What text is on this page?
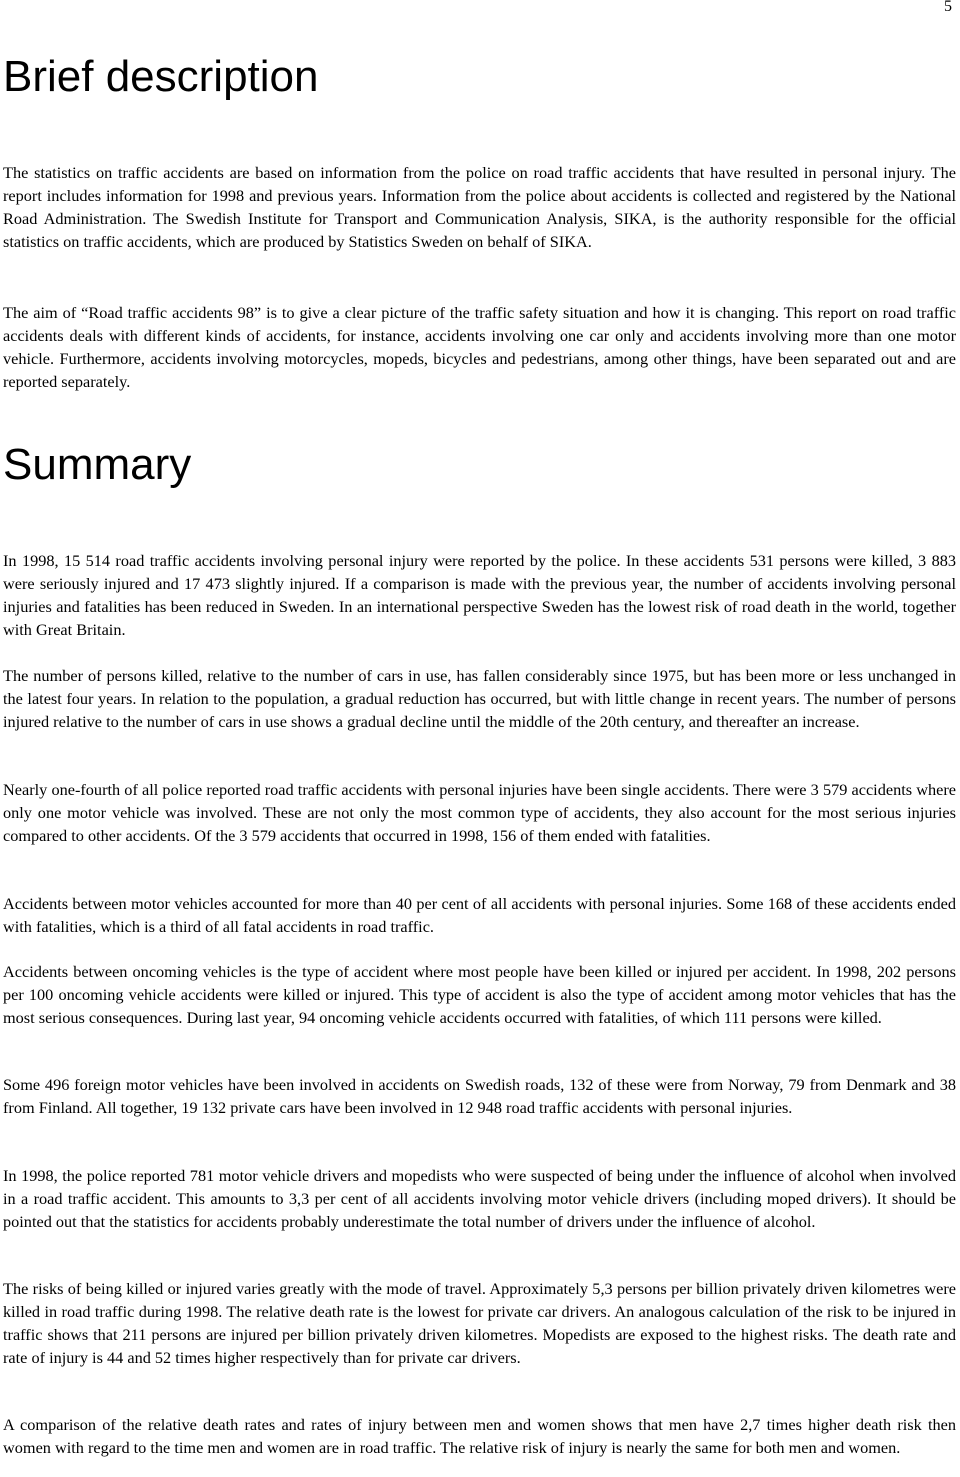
5
Brief description

The statistics on traffic accidents are based on information from the police on road traffic accidents that have resulted in personal injury. The report includes information for 1998 and previous years. Information from the police about accidents is collected and registered by the National Road Administration. The Swedish Institute for Transport and Communication Analysis, SIKA, is the authority responsible for the official statistics on traffic accidents, which are produced by Statistics Sweden on behalf of SIKA.

The aim of “Road traffic accidents 98” is to give a clear picture of the traffic safety situation and how it is changing. This report on road traffic accidents deals with different kinds of accidents, for instance, accidents involving one car only and accidents involving more than one motor vehicle. Furthermore, accidents involving motorcycles, mopeds, bicycles and pedestrians, among other things, have been separated out and are reported separately.

Summary

In 1998, 15 514 road traffic accidents involving personal injury were reported by the police. In these accidents 531 persons were killed, 3 883 were seriously injured and 17 473 slightly injured. If a comparison is made with the previous year, the number of accidents involving personal injuries and fatalities has been reduced in Sweden. In an international perspective Sweden has the lowest risk of road death in the world, together with Great Britain.

The number of persons killed, relative to the number of cars in use, has fallen considerably since 1975, but has been more or less unchanged in the latest four years. In relation to the population, a gradual reduction has occurred, but with little change in recent years. The number of persons injured relative to the number of cars in use shows a gradual decline until the middle of the 20th century, and thereafter an increase.

Nearly one-fourth of all police reported road traffic accidents with personal injuries have been single accidents. There were 3 579 accidents where only one motor vehicle was involved. These are not only the most common type of accidents, they also account for the most serious injuries compared to other accidents. Of the 3 579 accidents that occurred in 1998, 156 of them ended with fatalities.

Accidents between motor vehicles accounted for more than 40 per cent of all accidents with personal injuries. Some 168 of these accidents ended with fatalities, which is a third of all fatal accidents in road traffic.

Accidents between oncoming vehicles is the type of accident where most people have been killed or injured per accident. In 1998, 202 persons per 100 oncoming vehicle accidents were killed or injured. This type of accident is also the type of accident among motor vehicles that has the most serious consequences. During last year, 94 oncoming vehicle accidents occurred with fatalities, of which 111 persons were killed.

Some 496 foreign motor vehicles have been involved in accidents on Swedish roads, 132 of these were from Norway, 79 from Denmark and 38 from Finland. All together, 19 132 private cars have been involved in 12 948 road traffic accidents with personal injuries.

In 1998, the police reported 781 motor vehicle drivers and mopedists who were suspected of being under the influence of alcohol when involved in a road traffic accident. This amounts to 3,3 per cent of all accidents involving motor vehicle drivers (including moped drivers). It should be pointed out that the statistics for accidents probably underestimate the total number of drivers under the influence of alcohol.

The risks of being killed or injured varies greatly with the mode of travel. Approximately 5,3 persons per billion privately driven kilometres were killed in road traffic during 1998. The relative death rate is the lowest for private car drivers. An analogous calculation of the risk to be injured in traffic shows that 211 persons are injured per billion privately driven kilometres. Mopedists are exposed to the highest risks. The death rate and rate of injury is 44 and 52 times higher respectively than for private car drivers.

A comparison of the relative death rates and rates of injury between men and women shows that men have 2,7 times higher death risk then women with regard to the time men and women are in road traffic. The relative risk of injury is nearly the same for both men and women.
